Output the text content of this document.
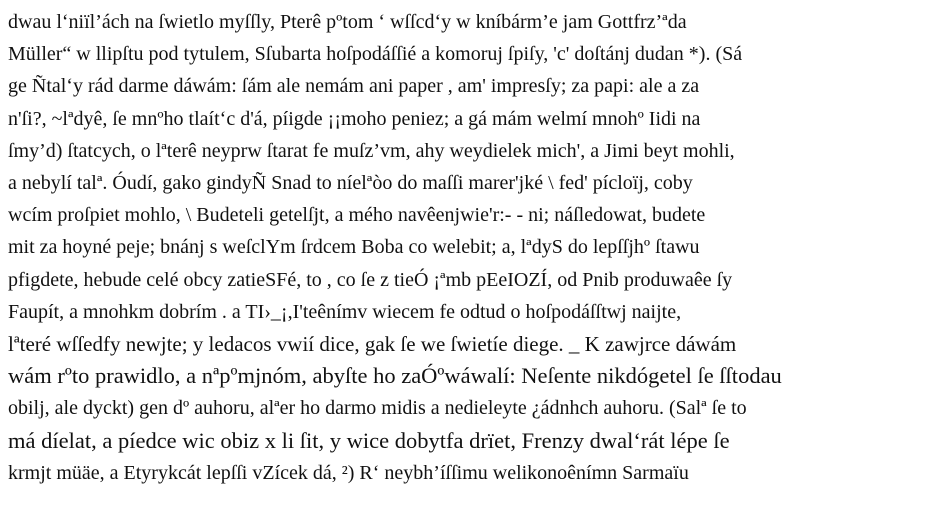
dwau l‘niïl’ách na ſwietlo myſſly, Pterê pºtom ‘ wſſcd‘y w kníbárm’e jam Gottfrz’ªda
Müller“ w llipſtu pod tytulem, Sſubarta hoſpodáſſié a komoruj ſpiſy, 'c' doſtánj dudan *). (Sá
ge Ñtal‘y rád darme dáwám: ſám ale nemám ani paper , am' impresſy; za papi: ale a za
n'ſi?, ~lªdyê, ſe mnºho tlaít‘c d'á, píigde ¡¡moho peniez; a gá mám welmí mnohº Iidi na
ſmy’d) ſtatcych, o lªterê neyprw ſtarat fe muſz’vm, ahy weydielek mich', a Jimi beyt mohli,
a nebylí talª. Óudí, gako gindyÑ Snad to níelªòo do maſſi marer'jké \ fed' pícloïj, coby
wcím proſpiet mohlo, \ Budeteli getelſjt, a mého navêenjwie'r:- - ni; náſledowat, budete
mit za hoyné peje; bnánj s weſclYm ſrdcem Boba co welebit; a, lªdyS do lepſſjhº ſtawu
pfigdete, hebude celé obcy zatieSFé, to , co ſe z tieÓ ¡ªmb pEeIOZÍ, od Pnib produwaêe ſy
Faupít, a mnohkm dobrím . a TI›_¡,I'teênímv wiecem fe odtud o hoſpodáſſtwj naijte,
lªteré wſſedfy newjte; y ledacos vwií dice, gak ſe we ſwietíe diege. _ K zawjrce dáwám
wám rºto prawidlo, a nªpºmjnóm, abyſte ho zaÓºwáwalí: Neſente nikdógetel ſe ſſtodau
obilj, ale dyckt) gen dº auhoru, alªer ho darmo midis a nedieleyte ¿ádnhch auhoru. (Salª ſe to
má díelat, a píedce wic obiz x li ſit, y wice dobytfa drïet, Frenzy dwal‘rát lépe ſe
krmjt müäe, a Etyrykcát lepſſi vZícek dá, ²) R‘ neybh’íſſimu welikonoênímn Sarmaïu
